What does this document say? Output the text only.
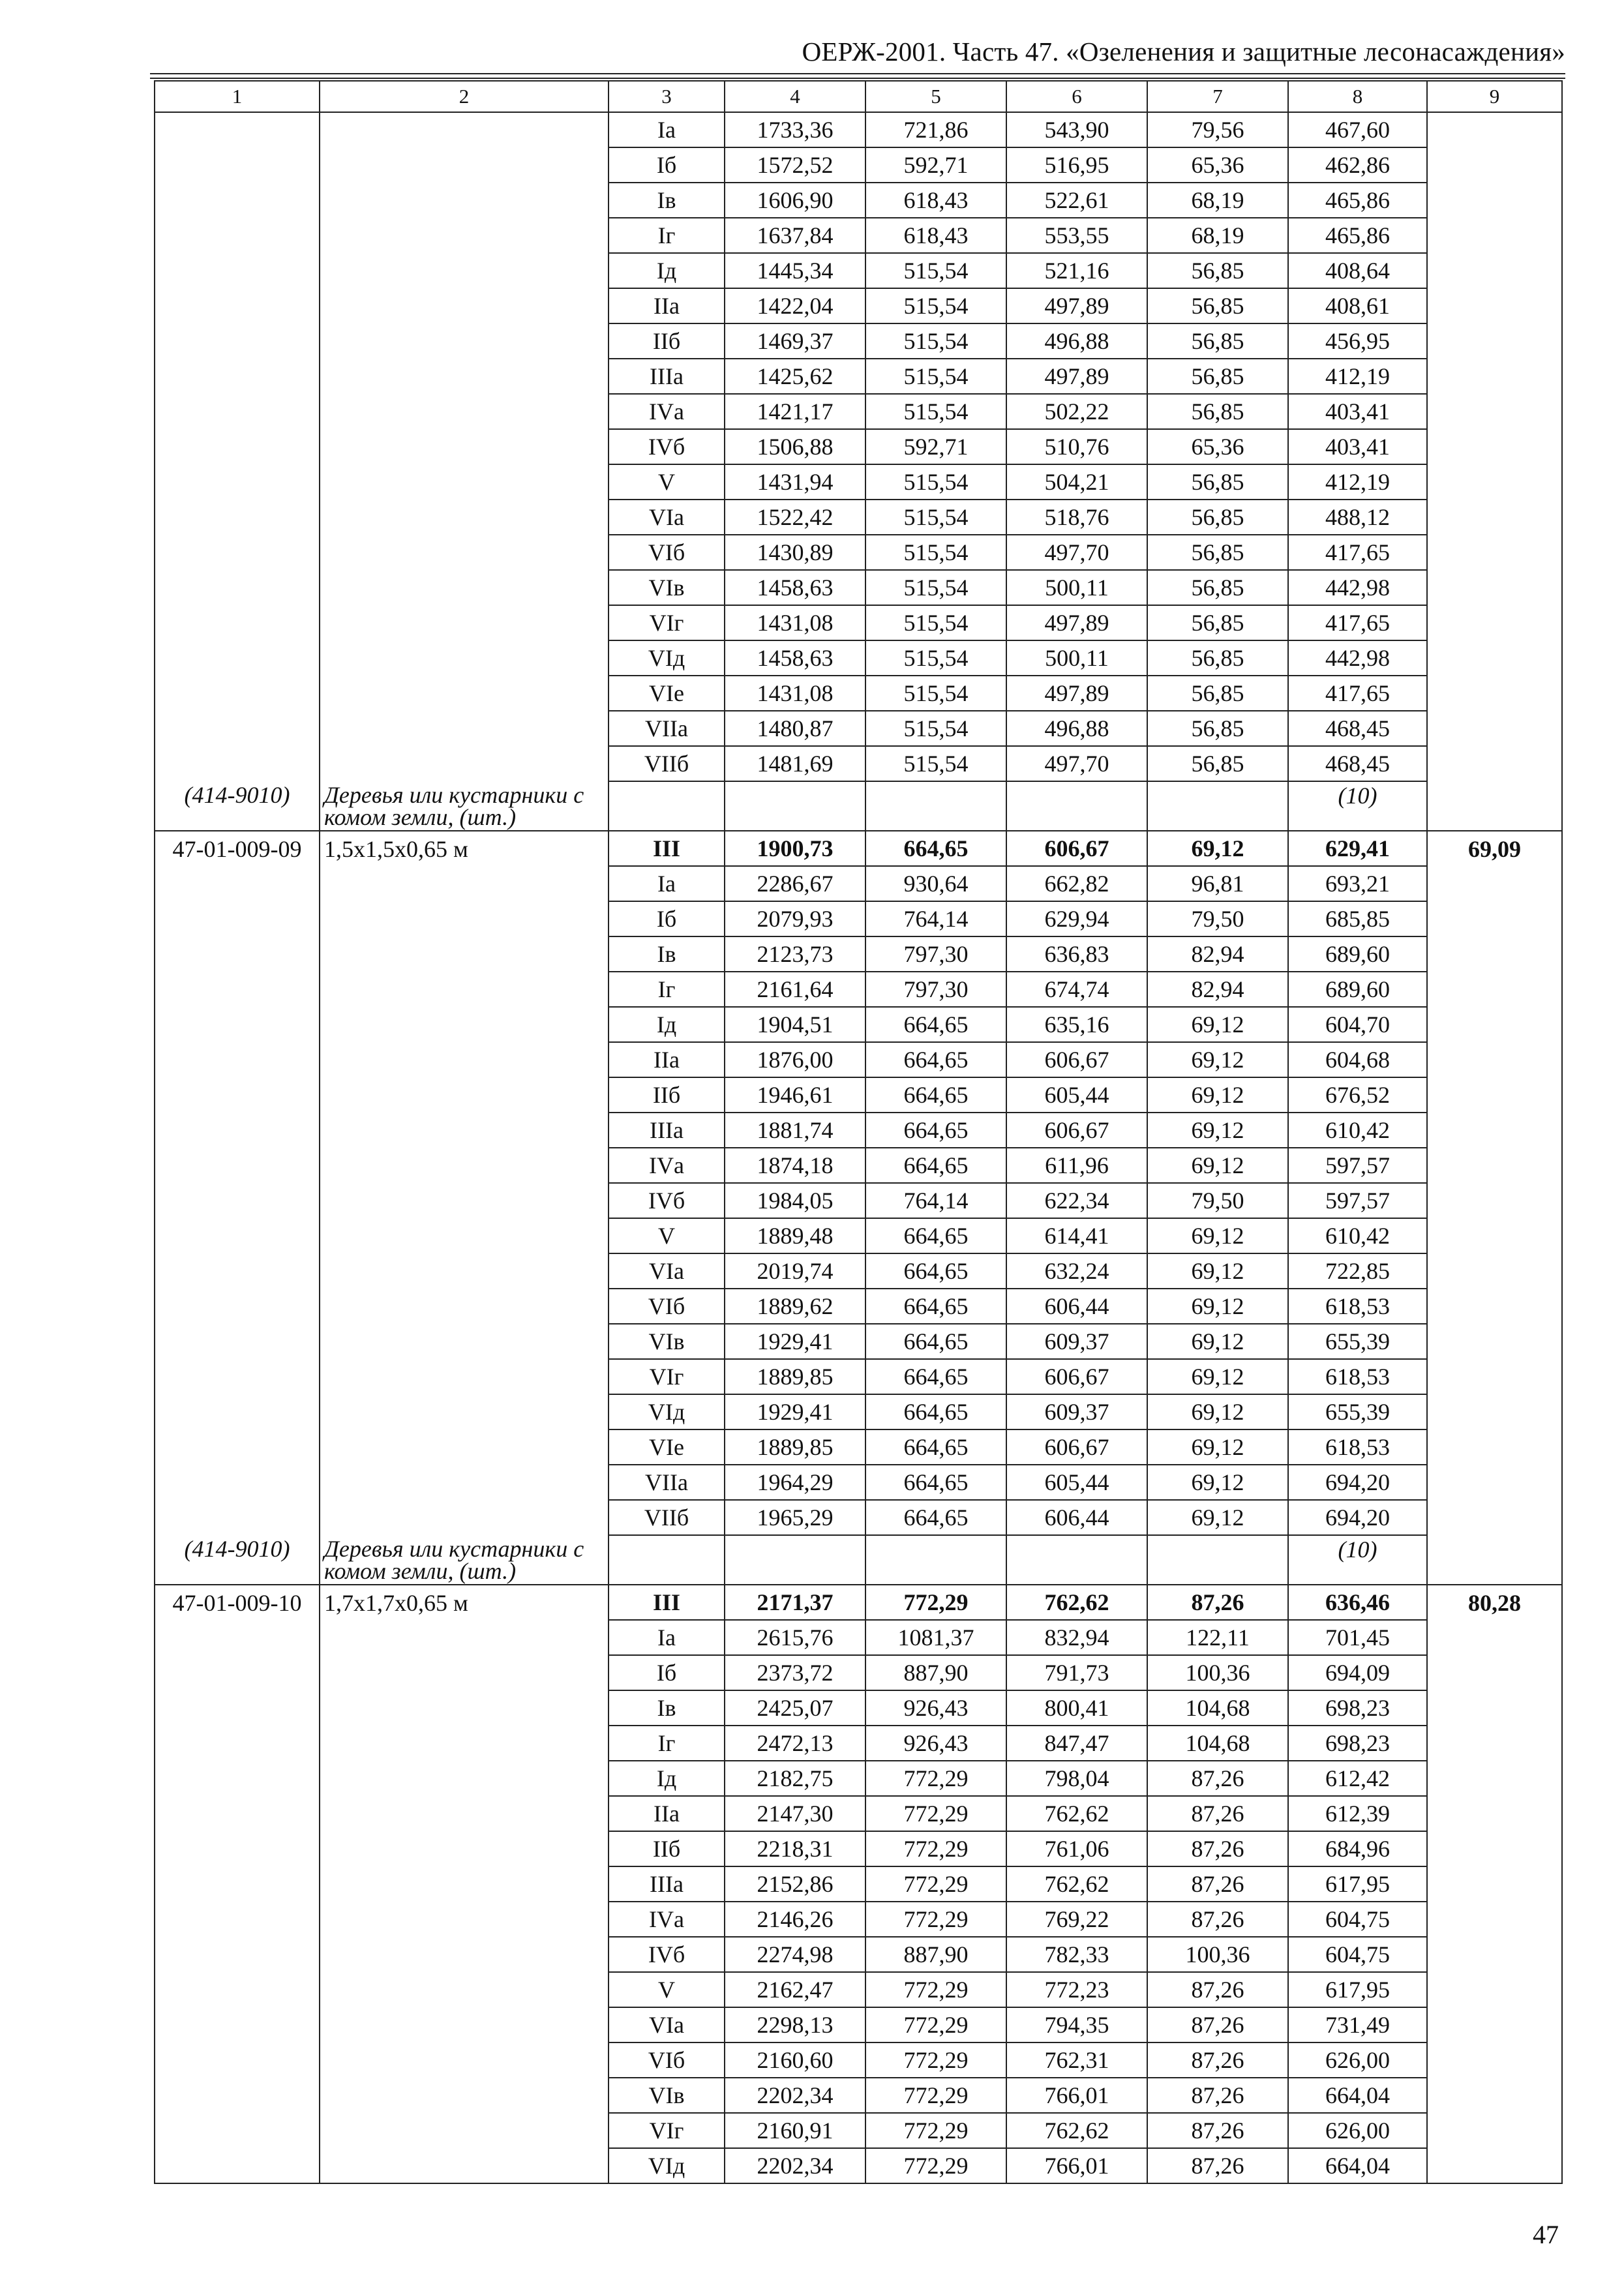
ОЕРЖ-2001. Часть 47. «Озеленения и защитные лесонасаждения»
1	2	3	4	5	6	7	8	9
		Iа	1733,36	721,86	543,90	79,56	467,60	
		Iб	1572,52	592,71	516,95	65,36	462,86	
		Iв	1606,90	618,43	522,61	68,19	465,86	
		Iг	1637,84	618,43	553,55	68,19	465,86	
		Iд	1445,34	515,54	521,16	56,85	408,64	
		IIа	1422,04	515,54	497,89	56,85	408,61	
		IIб	1469,37	515,54	496,88	56,85	456,95	
		IIIа	1425,62	515,54	497,89	56,85	412,19	
		IVа	1421,17	515,54	502,22	56,85	403,41	
		IVб	1506,88	592,71	510,76	65,36	403,41	
		V	1431,94	515,54	504,21	56,85	412,19	
		VIа	1522,42	515,54	518,76	56,85	488,12	
		VIб	1430,89	515,54	497,70	56,85	417,65	
		VIв	1458,63	515,54	500,11	56,85	442,98	
		VIг	1431,08	515,54	497,89	56,85	417,65	
		VIд	1458,63	515,54	500,11	56,85	442,98	
		VIе	1431,08	515,54	497,89	56,85	417,65	
		VIIа	1480,87	515,54	496,88	56,85	468,45	
		VIIб	1481,69	515,54	497,70	56,85	468,45	
(414-9010)	Деревья или кустарники с комом земли, (шт.)						(10)	
47-01-009-09	1,5х1,5х0,65 м	III	1900,73	664,65	606,67	69,12	629,41	69,09
		Iа	2286,67	930,64	662,82	96,81	693,21	
		Iб	2079,93	764,14	629,94	79,50	685,85	
		Iв	2123,73	797,30	636,83	82,94	689,60	
		Iг	2161,64	797,30	674,74	82,94	689,60	
		Iд	1904,51	664,65	635,16	69,12	604,70	
		IIа	1876,00	664,65	606,67	69,12	604,68	
		IIб	1946,61	664,65	605,44	69,12	676,52	
		IIIа	1881,74	664,65	606,67	69,12	610,42	
		IVа	1874,18	664,65	611,96	69,12	597,57	
		IVб	1984,05	764,14	622,34	79,50	597,57	
		V	1889,48	664,65	614,41	69,12	610,42	
		VIа	2019,74	664,65	632,24	69,12	722,85	
		VIб	1889,62	664,65	606,44	69,12	618,53	
		VIв	1929,41	664,65	609,37	69,12	655,39	
		VIг	1889,85	664,65	606,67	69,12	618,53	
		VIд	1929,41	664,65	609,37	69,12	655,39	
		VIе	1889,85	664,65	606,67	69,12	618,53	
		VIIа	1964,29	664,65	605,44	69,12	694,20	
		VIIб	1965,29	664,65	606,44	69,12	694,20	
(414-9010)	Деревья или кустарники с комом земли, (шт.)						(10)	
47-01-009-10	1,7х1,7х0,65 м	III	2171,37	772,29	762,62	87,26	636,46	80,28
		Iа	2615,76	1081,37	832,94	122,11	701,45	
		Iб	2373,72	887,90	791,73	100,36	694,09	
		Iв	2425,07	926,43	800,41	104,68	698,23	
		Iг	2472,13	926,43	847,47	104,68	698,23	
		Iд	2182,75	772,29	798,04	87,26	612,42	
		IIа	2147,30	772,29	762,62	87,26	612,39	
		IIб	2218,31	772,29	761,06	87,26	684,96	
		IIIа	2152,86	772,29	762,62	87,26	617,95	
		IVа	2146,26	772,29	769,22	87,26	604,75	
		IVб	2274,98	887,90	782,33	100,36	604,75	
		V	2162,47	772,29	772,23	87,26	617,95	
		VIа	2298,13	772,29	794,35	87,26	731,49	
		VIб	2160,60	772,29	762,31	87,26	626,00	
		VIв	2202,34	772,29	766,01	87,26	664,04	
		VIг	2160,91	772,29	762,62	87,26	626,00	
		VIд	2202,34	772,29	766,01	87,26	664,04	
47
